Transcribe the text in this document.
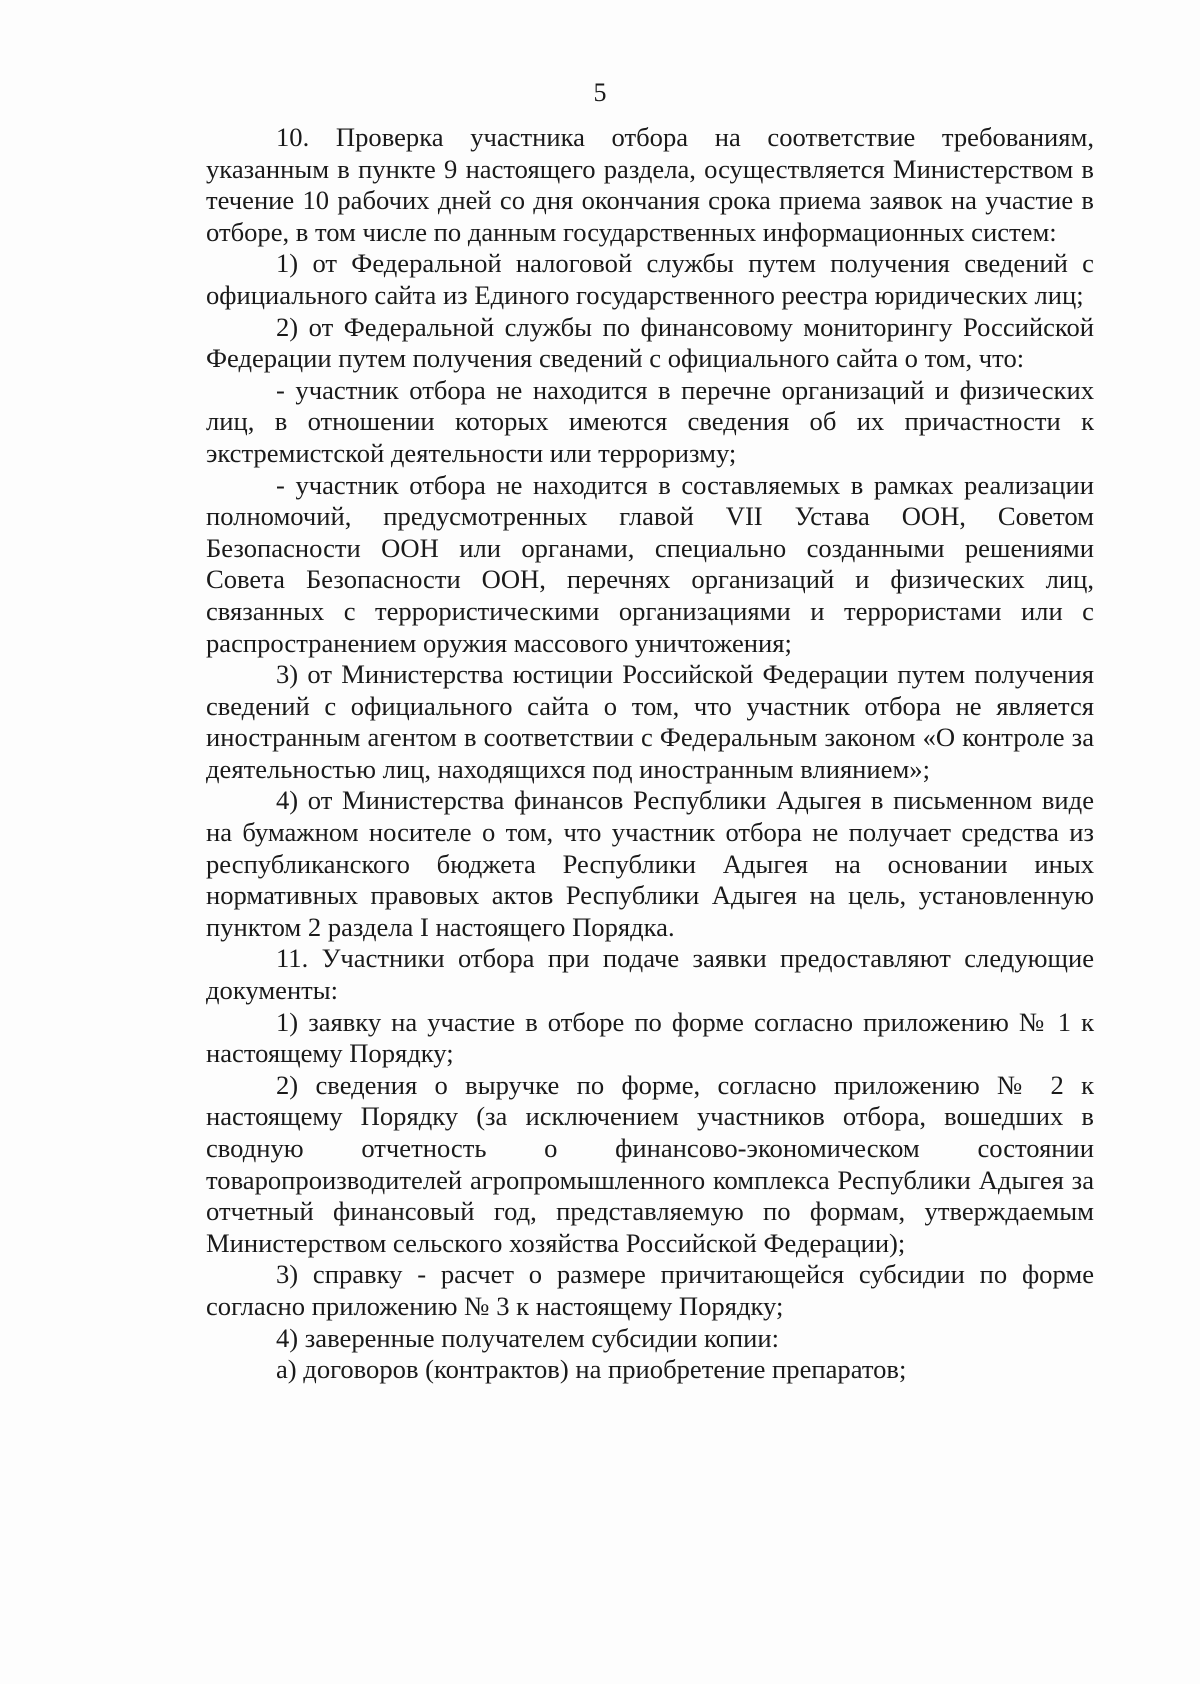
5

10. Проверка участника отбора на соответствие требованиям, указанным в пункте 9 настоящего раздела, осуществляется Министерством в течение 10 рабочих дней со дня окончания срока приема заявок на участие в отборе, в том числе по данным государственных информационных систем:

1) от Федеральной налоговой службы путем получения сведений с официального сайта из Единого государственного реестра юридических лиц;

2) от Федеральной службы по финансовому мониторингу Российской Федерации путем получения сведений с официального сайта о том, что:

- участник отбора не находится в перечне организаций и физических лиц, в отношении которых имеются сведения об их причастности к экстремистской деятельности или терроризму;

- участник отбора не находится в составляемых в рамках реализации полномочий, предусмотренных главой VII Устава ООН, Советом Безопасности ООН или органами, специально созданными решениями Совета Безопасности ООН, перечнях организаций и физических лиц, связанных с террористическими организациями и террористами или с распространением оружия массового уничтожения;

3) от Министерства юстиции Российской Федерации путем получения сведений с официального сайта о том, что участник отбора не является иностранным агентом в соответствии с Федеральным законом «О контроле за деятельностью лиц, находящихся под иностранным влиянием»;

4) от Министерства финансов Республики Адыгея в письменном виде на бумажном носителе о том, что участник отбора не получает средства из республиканского бюджета Республики Адыгея на основании иных нормативных правовых актов Республики Адыгея на цель, установленную пунктом 2 раздела I настоящего Порядка.

11. Участники отбора при подаче заявки предоставляют следующие документы:

1) заявку на участие в отборе по форме согласно приложению № 1 к настоящему Порядку;

2) сведения о выручке по форме, согласно приложению № 2 к настоящему Порядку (за исключением участников отбора, вошедших в сводную отчетность о финансово-экономическом состоянии товаропроизводителей агропромышленного комплекса Республики Адыгея за отчетный финансовый год, представляемую по формам, утверждаемым Министерством сельского хозяйства Российской Федерации);

3) справку - расчет о размере причитающейся субсидии по форме согласно приложению № 3 к настоящему Порядку;

4) заверенные получателем субсидии копии:

а) договоров (контрактов) на приобретение препаратов;
